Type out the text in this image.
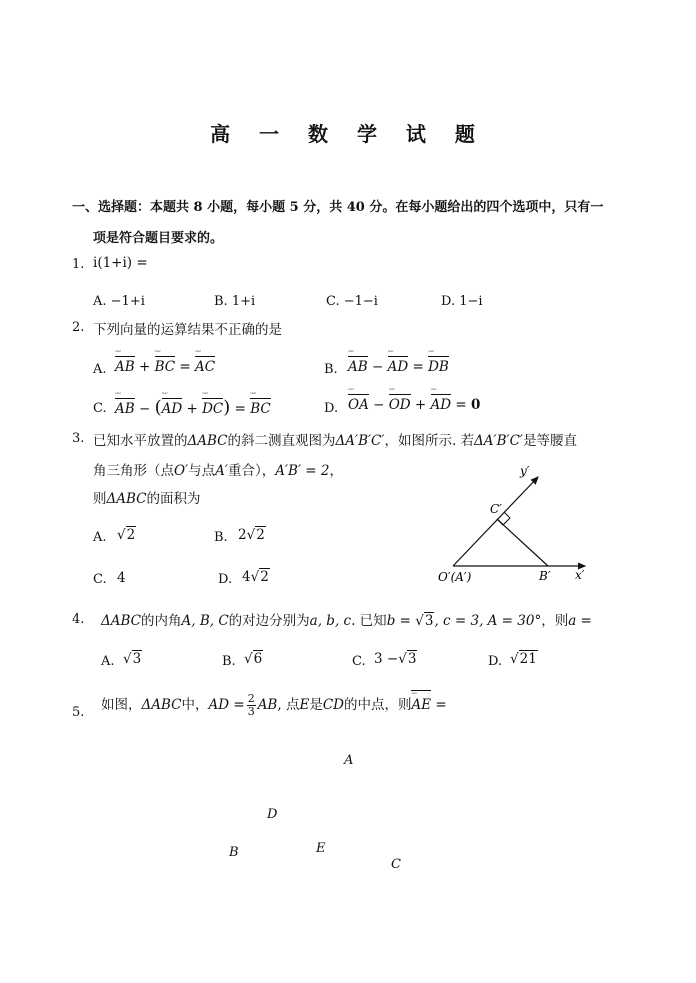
高 一 数 学 试 题
一、选择题：本题共 8 小题，每小题 5 分，共 40 分。在每小题给出的四个选项中，只有一
项是符合题目要求的。
1. i(1+i) =
A. −1+i	B. 1+i	C. −1−i	D. 1−i
2. 下列向量的运算结果不正确的是
A. AB ᵕᵕᵕ + BC ᵕᵕᵕ = AC ᵕᵕᵕ	B. AB ᵕᵕᵕ − AD ᵕᵕᵕ = DB ᵕᵕᵕ
C. AB ᵕᵕᵕ − (AD ᵕᵕᵕ + DC ᵕᵕᵕ) = BC ᵕᵕᵕ	D. OA ᵕᵕᵕ − OD ᵕᵕᵕ + AD ᵕᵕᵕ = 0
3. 已知水平放置的ΔABC的斜二测直观图为ΔA′B′C′，如图所示. 若ΔA′B′C′是等腰直
角三角形（点O′与点A′重合），A′B′ = 2，
则ΔABC的面积为
A. √2	B. 2√2
C. 4	D. 4√2
y′
x′
O′(A′)	B′
C′
4. ΔABC的内角A, B, C的对边分别为a, b, c. 已知b = √3, c = 3, A = 30°，则a =
A. √3	B. √6	C. 3 −√3	D. √21
5. 如图，ΔABC中，AD = $\frac{2}{3}$ AB, 点E是CD的中点，则AE ᵕᵕᵕ =
A
D
B	E
C
